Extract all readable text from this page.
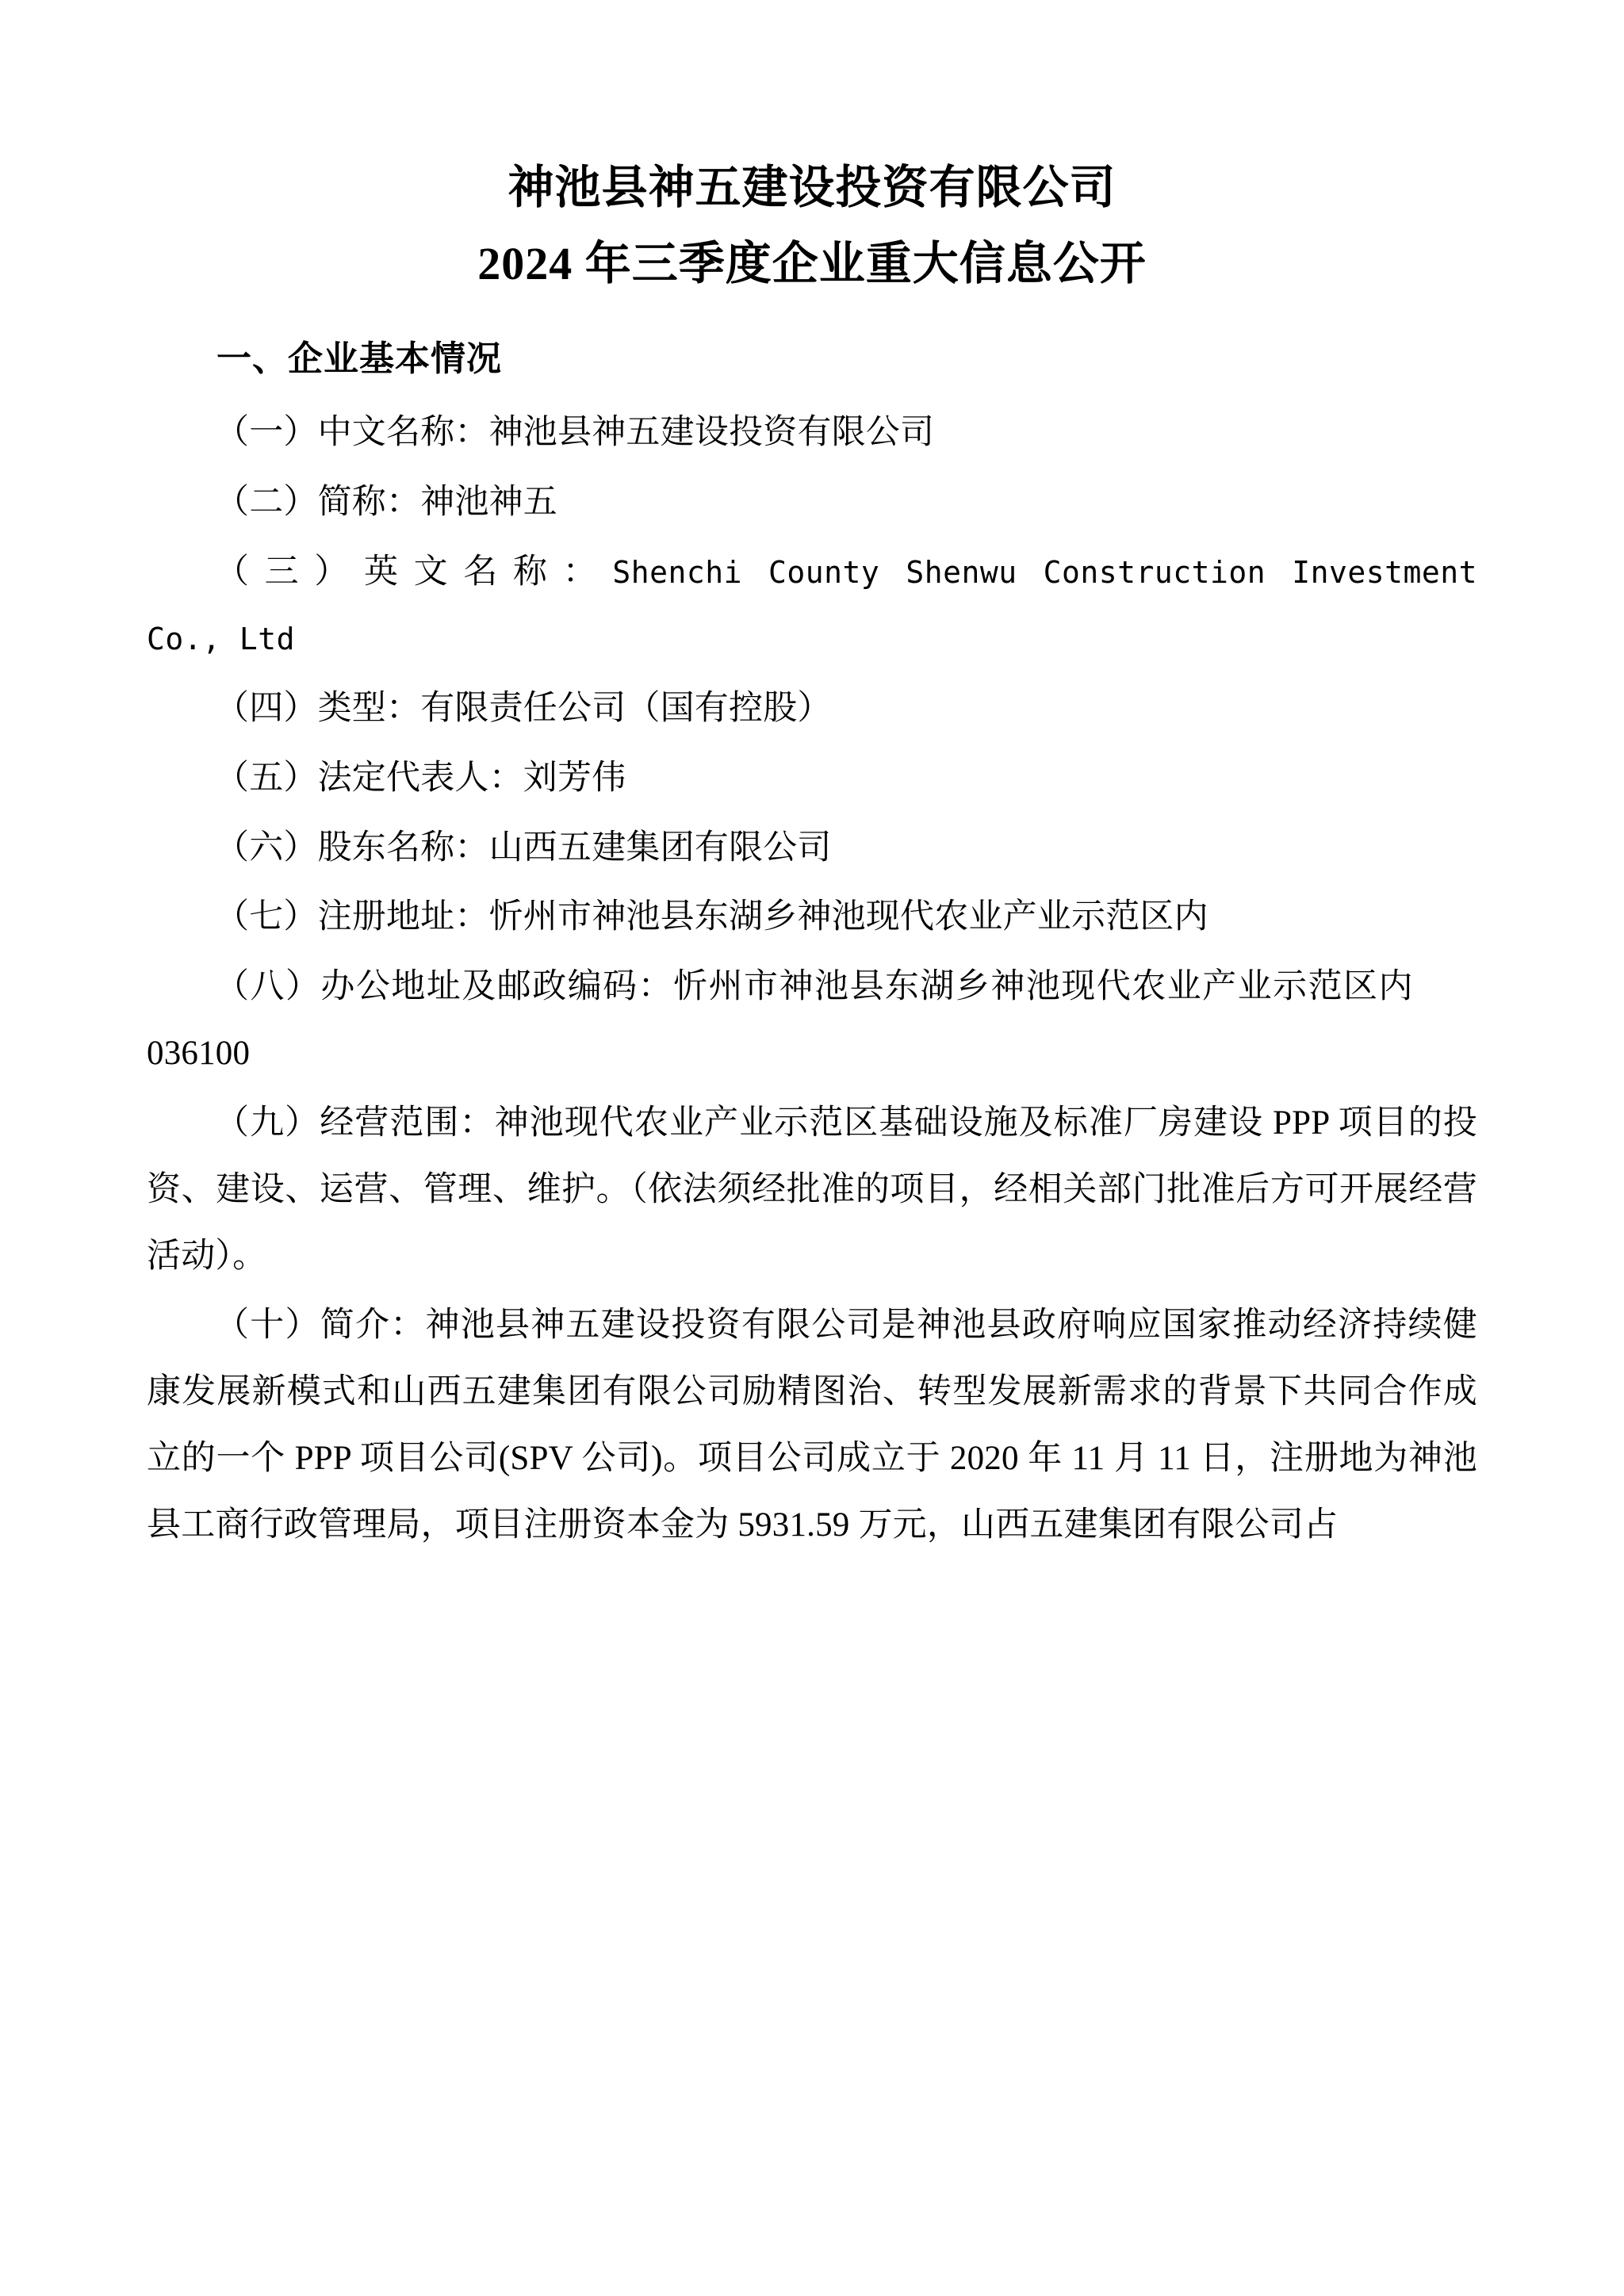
神池县神五建设投资有限公司
2024 年三季度企业重大信息公开
一、企业基本情况

（一）中文名称：神池县神五建设投资有限公司

（二）简称：神池神五

（三）英文名称：Shenchi County Shenwu Construction Investment Co., Ltd

（四）类型：有限责任公司（国有控股）

（五）法定代表人：刘芳伟

（六）股东名称：山西五建集团有限公司

（七）注册地址：忻州市神池县东湖乡神池现代农业产业示范区内

（八）办公地址及邮政编码：忻州市神池县东湖乡神池现代农业产业示范区内036100

（九）经营范围：神池现代农业产业示范区基础设施及标准厂房建设 PPP 项目的投资、建设、运营、管理、维护。（依法须经批准的项目，经相关部门批准后方可开展经营活动）。

（十）简介：神池县神五建设投资有限公司是神池县政府响应国家推动经济持续健康发展新模式和山西五建集团有限公司励精图治、转型发展新需求的背景下共同合作成立的一个 PPP 项目公司(SPV 公司)。项目公司成立于 2020 年 11 月 11 日，注册地为神池县工商行政管理局，项目注册资本金为 5931.59 万元，山西五建集团有限公司占
